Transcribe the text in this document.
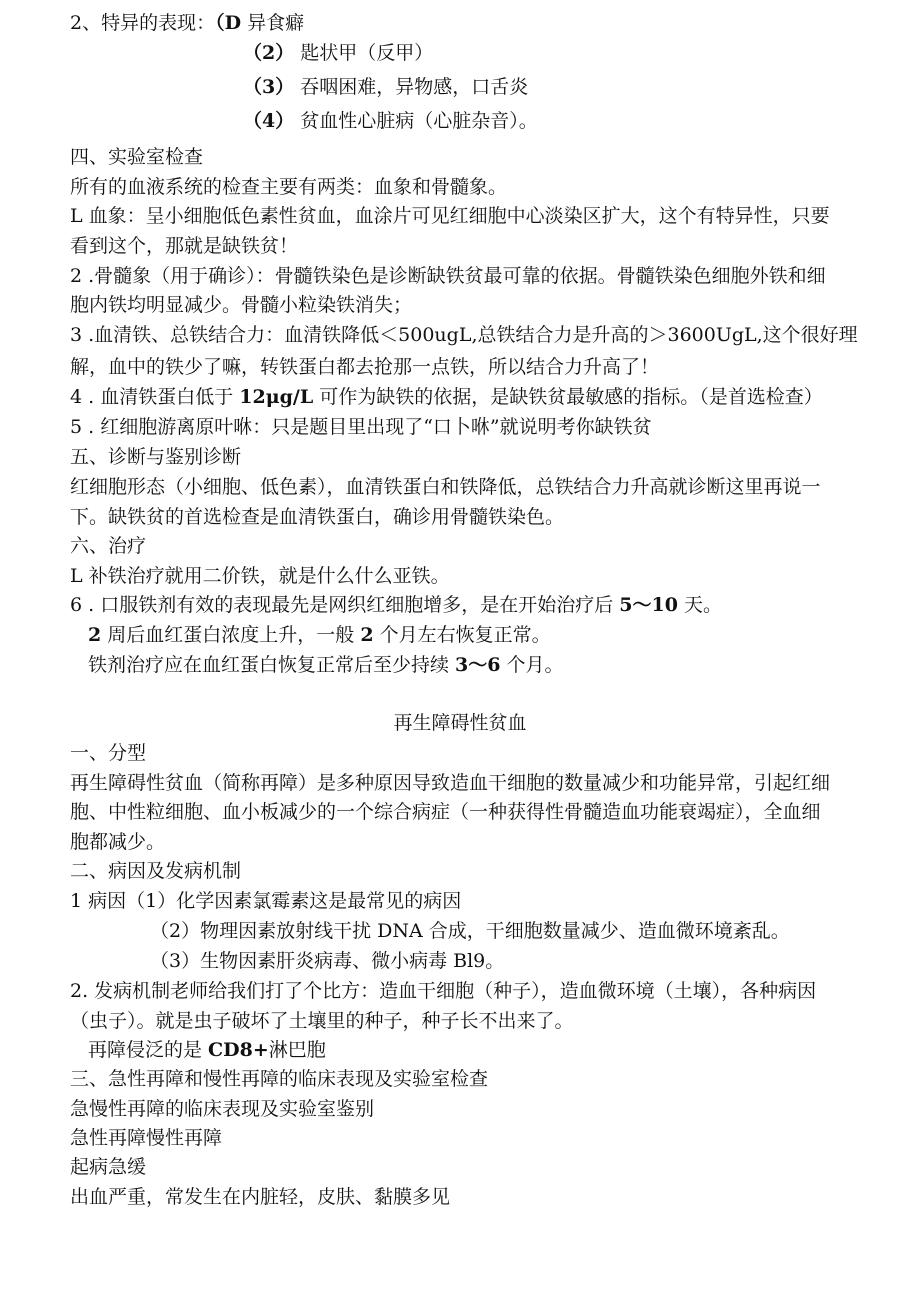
2、特异的表现：（D 异食癖
（2） 匙状甲（反甲）
（3） 吞咽困难，异物感，口舌炎
（4） 贫血性心脏病（心脏杂音）。
四、实验室检查
所有的血液系统的检查主要有两类：血象和骨髓象。
L 血象：呈小细胞低色素性贫血，血涂片可见红细胞中心淡染区扩大，这个有特异性，只要
看到这个，那就是缺铁贫！
2 .骨髓象（用于确诊）：骨髓铁染色是诊断缺铁贫最可靠的依据。骨髓铁染色细胞外铁和细
胞内铁均明显减少。骨髓小粒染铁消失；
3 .血清铁、总铁结合力：血清铁降低＜500ugL,总铁结合力是升高的＞3600UgL,这个很好理
解，血中的铁少了嘛，转铁蛋白都去抢那一点铁，所以结合力升高了！
4 . 血清铁蛋白低于 12μg/L 可作为缺铁的依据，是缺铁贫最敏感的指标。（是首选检查）
5 . 红细胞游离原叶咻：只是题目里出现了“口卜咻”就说明考你缺铁贫
五、诊断与鉴别诊断
红细胞形态（小细胞、低色素），血清铁蛋白和铁降低，总铁结合力升高就诊断这里再说一
下。缺铁贫的首选检查是血清铁蛋白，确诊用骨髓铁染色。
六、治疗
L 补铁治疗就用二价铁，就是什么什么亚铁。
6 . 口服铁剂有效的表现最先是网织红细胞增多，是在开始治疗后 5〜10 天。
2 周后血红蛋白浓度上升，一般 2 个月左右恢复正常。
铁剂治疗应在血红蛋白恢复正常后至少持续 3〜6 个月。
再生障碍性贫血
一、分型
再生障碍性贫血（简称再障）是多种原因导致造血干细胞的数量减少和功能异常，引起红细
胞、中性粒细胞、血小板减少的一个综合病症（一种获得性骨髓造血功能衰竭症），全血细
胞都减少。
二、病因及发病机制
1 病因（1）化学因素氯霉素这是最常见的病因
（2）物理因素放射线干扰 DNA 合成，干细胞数量减少、造血微环境紊乱。
（3）生物因素肝炎病毒、微小病毒 Bl9。
2. 发病机制老师给我们打了个比方：造血干细胞（种子），造血微环境（土壤），各种病因
（虫子）。就是虫子破坏了土壤里的种子，种子长不出来了。
再障侵泛的是 CD8+淋巴胞
三、急性再障和慢性再障的临床表现及实验室检查
急慢性再障的临床表现及实验室鉴别
急性再障慢性再障
起病急缓
出血严重，常发生在内脏轻，皮肤、黏膜多见
